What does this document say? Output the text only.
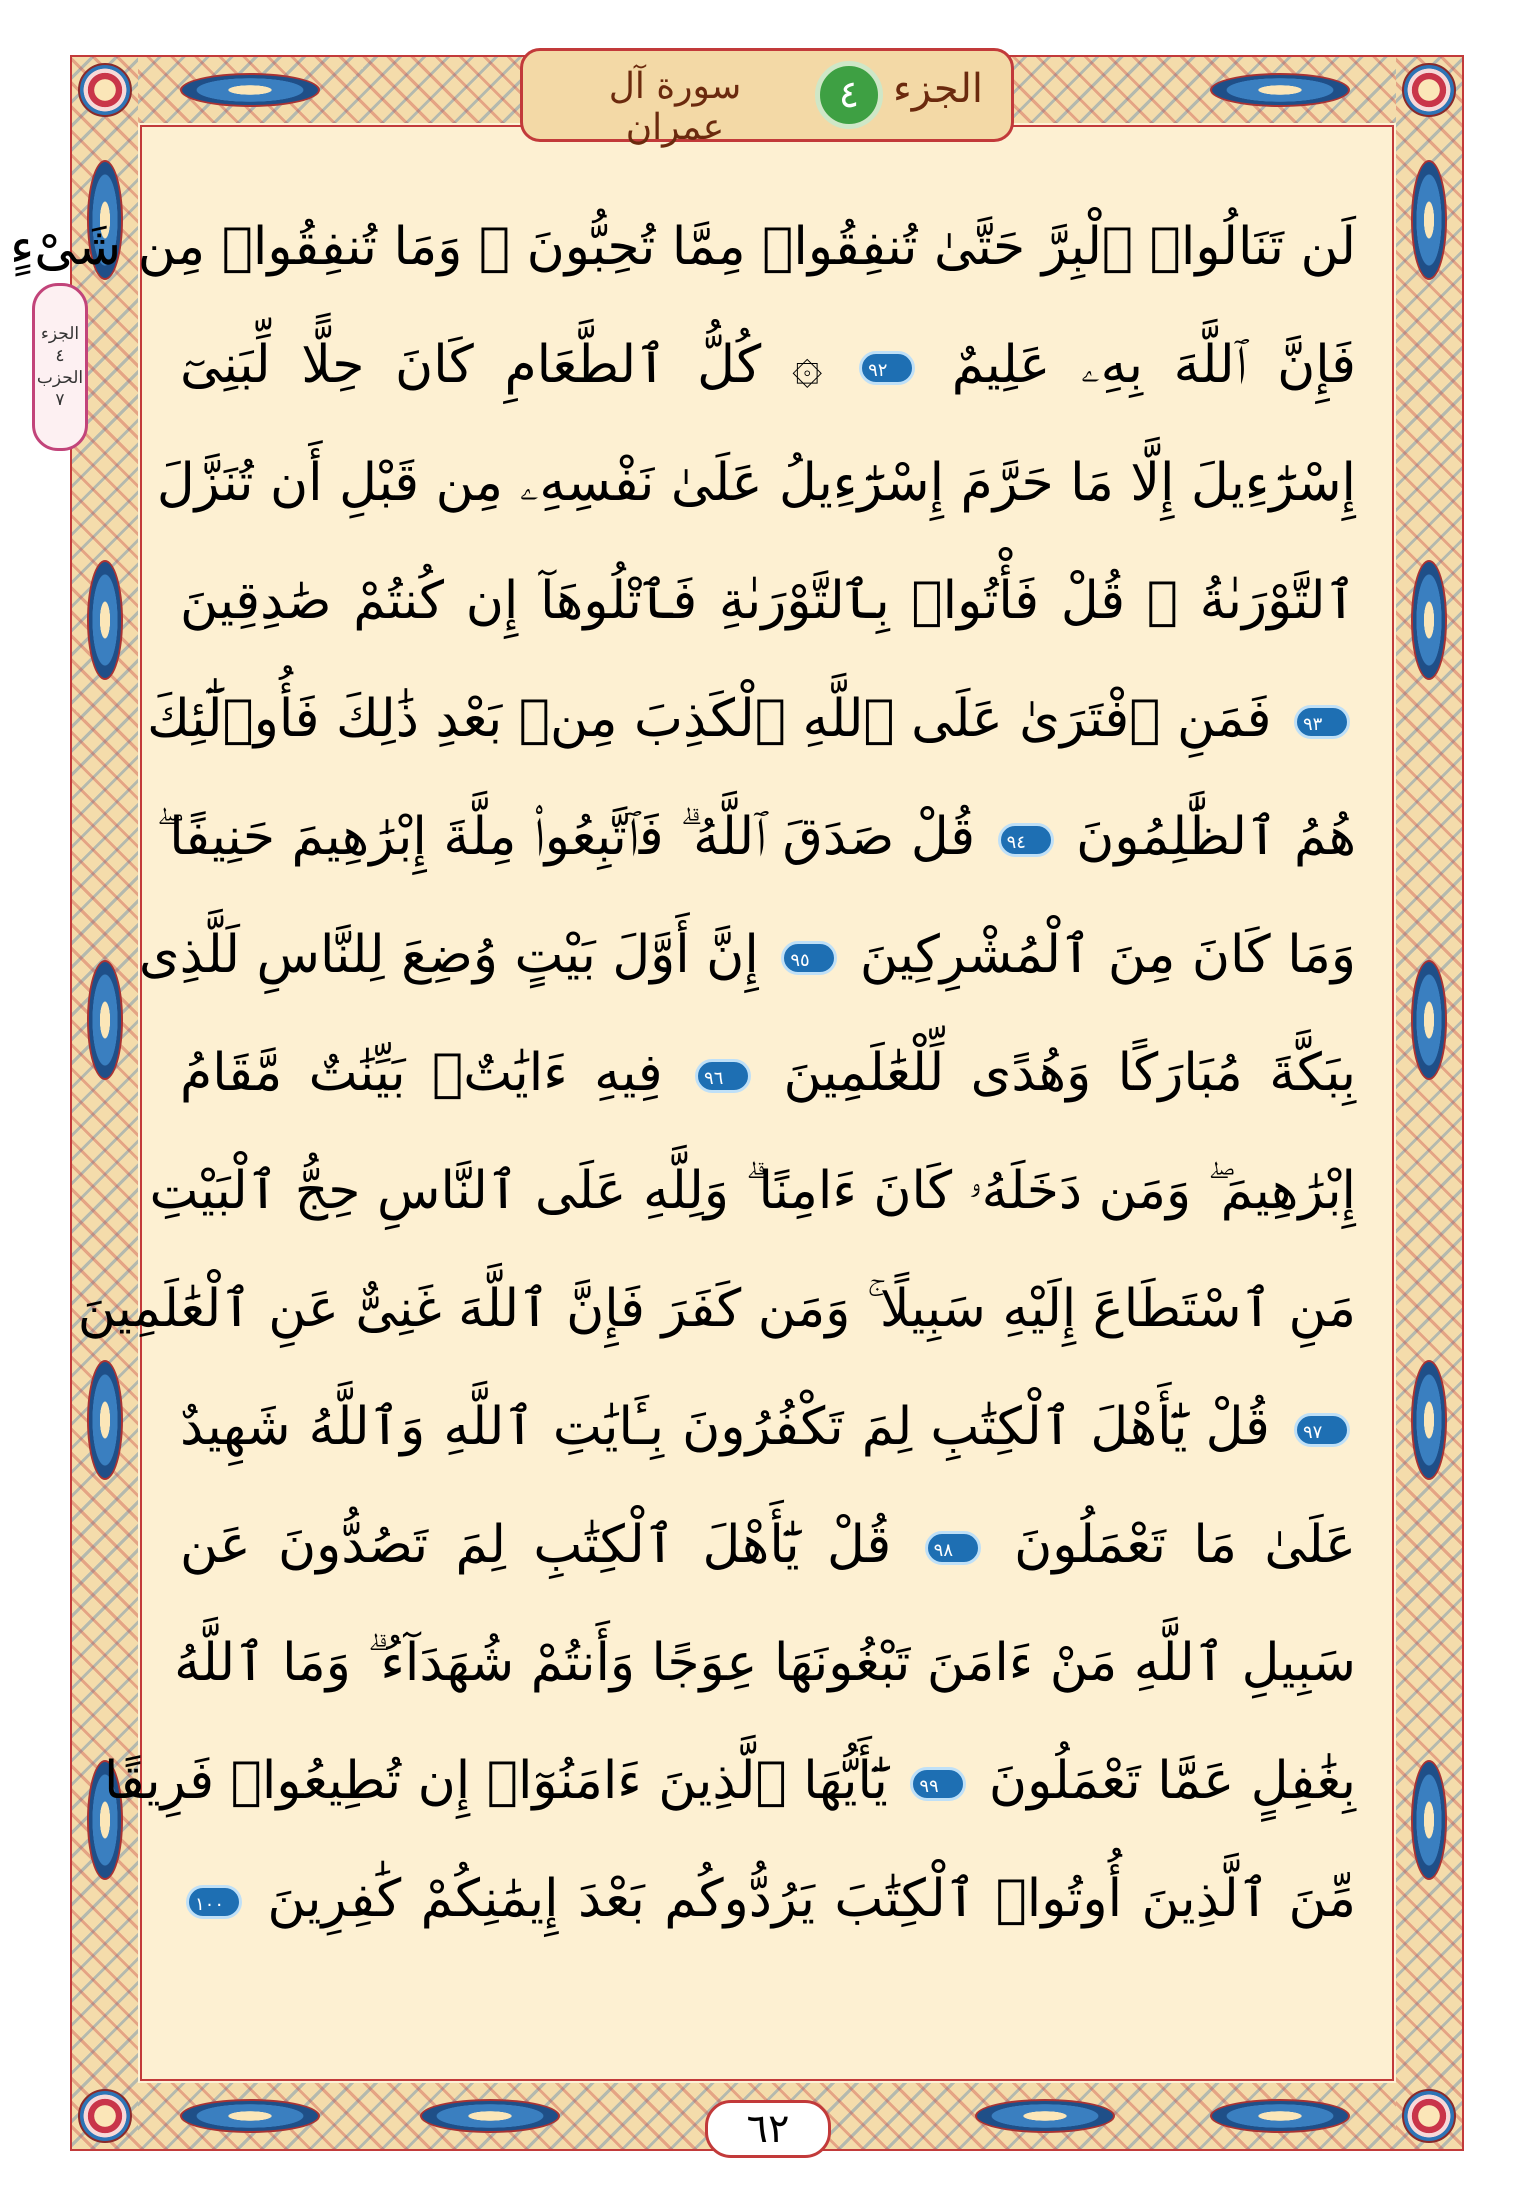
الجزء
٤
سورة آل عمران
الجزء
٤
الحزب
٧
لَن تَنَالُوا۟ ٱلْبِرَّ حَتَّىٰ تُنفِقُوا۟ مِمَّا تُحِبُّونَ ۚ وَمَا تُنفِقُوا۟ مِن شَىْءٍ
فَإِنَّ ٱللَّهَ بِهِۦ عَلِيمٌ ٩٢ ۞ كُلُّ ٱلطَّعَامِ كَانَ حِلًّا لِّبَنِىٓ
إِسْرَٰٓءِيلَ إِلَّا مَا حَرَّمَ إِسْرَٰٓءِيلُ عَلَىٰ نَفْسِهِۦ مِن قَبْلِ أَن تُنَزَّلَ
ٱلتَّوْرَىٰةُ ۗ قُلْ فَأْتُوا۟ بِٱلتَّوْرَىٰةِ فَٱتْلُوهَآ إِن كُنتُمْ صَٰدِقِينَ
٩٣ فَمَنِ ٱفْتَرَىٰ عَلَى ٱللَّهِ ٱلْكَذِبَ مِنۢ بَعْدِ ذَٰلِكَ فَأُو۟لَٰٓئِكَ
هُمُ ٱلظَّٰلِمُونَ ٩٤ قُلْ صَدَقَ ٱللَّهُ ۗ فَٱتَّبِعُوا۟ مِلَّةَ إِبْرَٰهِيمَ حَنِيفًا ۖ
وَمَا كَانَ مِنَ ٱلْمُشْرِكِينَ ٩٥ إِنَّ أَوَّلَ بَيْتٍ وُضِعَ لِلنَّاسِ لَلَّذِى
بِبَكَّةَ مُبَارَكًا وَهُدًى لِّلْعَٰلَمِينَ ٩٦ فِيهِ ءَايَٰتٌۢ بَيِّنَٰتٌ مَّقَامُ
إِبْرَٰهِيمَ ۖ وَمَن دَخَلَهُۥ كَانَ ءَامِنًا ۗ وَلِلَّهِ عَلَى ٱلنَّاسِ حِجُّ ٱلْبَيْتِ
مَنِ ٱسْتَطَاعَ إِلَيْهِ سَبِيلًا ۚ وَمَن كَفَرَ فَإِنَّ ٱللَّهَ غَنِىٌّ عَنِ ٱلْعَٰلَمِينَ
٩٧ قُلْ يَٰٓأَهْلَ ٱلْكِتَٰبِ لِمَ تَكْفُرُونَ بِـَٔايَٰتِ ٱللَّهِ وَٱللَّهُ شَهِيدٌ
عَلَىٰ مَا تَعْمَلُونَ ٩٨ قُلْ يَٰٓأَهْلَ ٱلْكِتَٰبِ لِمَ تَصُدُّونَ عَن
سَبِيلِ ٱللَّهِ مَنْ ءَامَنَ تَبْغُونَهَا عِوَجًا وَأَنتُمْ شُهَدَآءُ ۗ وَمَا ٱللَّهُ
بِغَٰفِلٍ عَمَّا تَعْمَلُونَ ٩٩ يَٰٓأَيُّهَا ٱلَّذِينَ ءَامَنُوٓا۟ إِن تُطِيعُوا۟ فَرِيقًا
مِّنَ ٱلَّذِينَ أُوتُوا۟ ٱلْكِتَٰبَ يَرُدُّوكُم بَعْدَ إِيمَٰنِكُمْ كَٰفِرِينَ ١٠٠
٦٢
